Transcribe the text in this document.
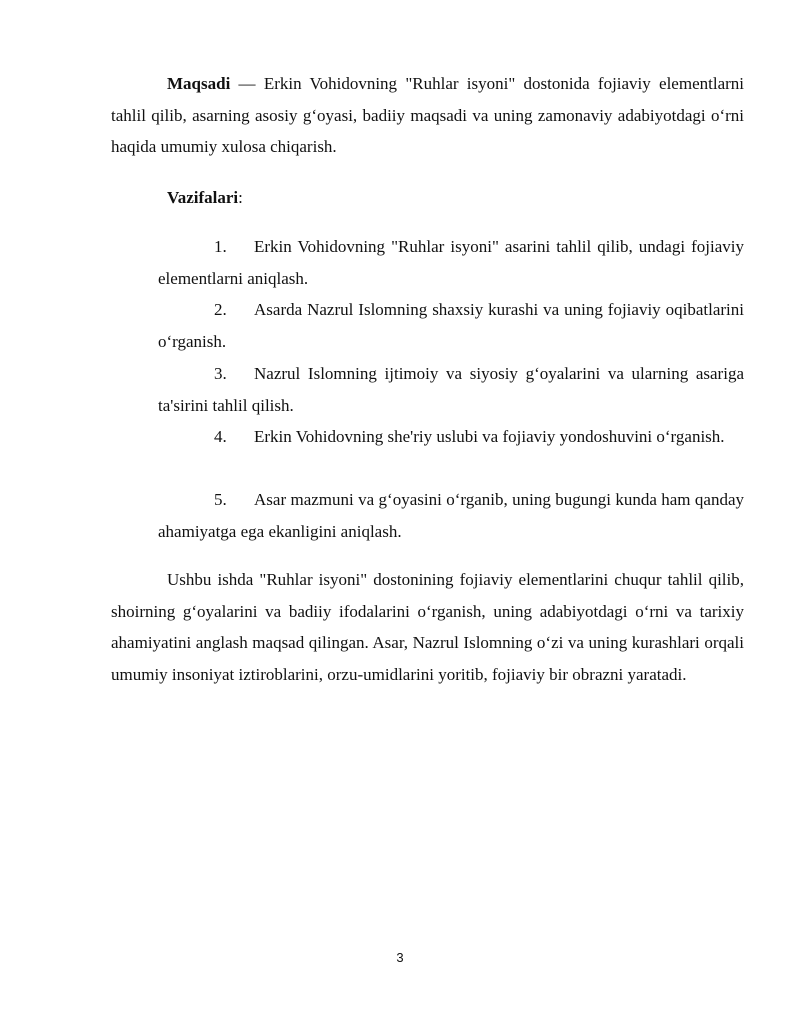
Maqsadi — Erkin Vohidovning "Ruhlar isyoni" dostonida fojiaviy elementlarni tahlil qilib, asarning asosiy g‘oyasi, badiiy maqsadi va uning zamonaviy adabiyotdagi o‘rni haqida umumiy xulosa chiqarish.

Vazifalari:
1. Erkin Vohidovning "Ruhlar isyoni" asarini tahlil qilib, undagi fojiaviy elementlarni aniqlash.
2. Asarda Nazrul Islomning shaxsiy kurashi va uning fojiaviy oqibatlarini o‘rganish.
3. Nazrul Islomning ijtimoiy va siyosiy g‘oyalarini va ularning asariga ta'sirini tahlil qilish.
4. Erkin Vohidovning she'riy uslubi va fojiaviy yondoshuvini o‘rganish.
5. Asar mazmuni va g‘oyasini o‘rganib, uning bugungi kunda ham qanday ahamiyatga ega ekanligini aniqlash.

Ushbu ishda "Ruhlar isyoni" dostonining fojiaviy elementlarini chuqur tahlil qilib, shoirning g‘oyalarini va badiiy ifodalarini o‘rganish, uning adabiyotdagi o‘rni va tarixiy ahamiyatini anglash maqsad qilingan. Asar, Nazrul Islomning o‘zi va uning kurashlari orqali umumiy insoniyat iztiroblarini, orzu-umidlarini yoritib, fojiaviy bir obrazni yaratadi.

3
